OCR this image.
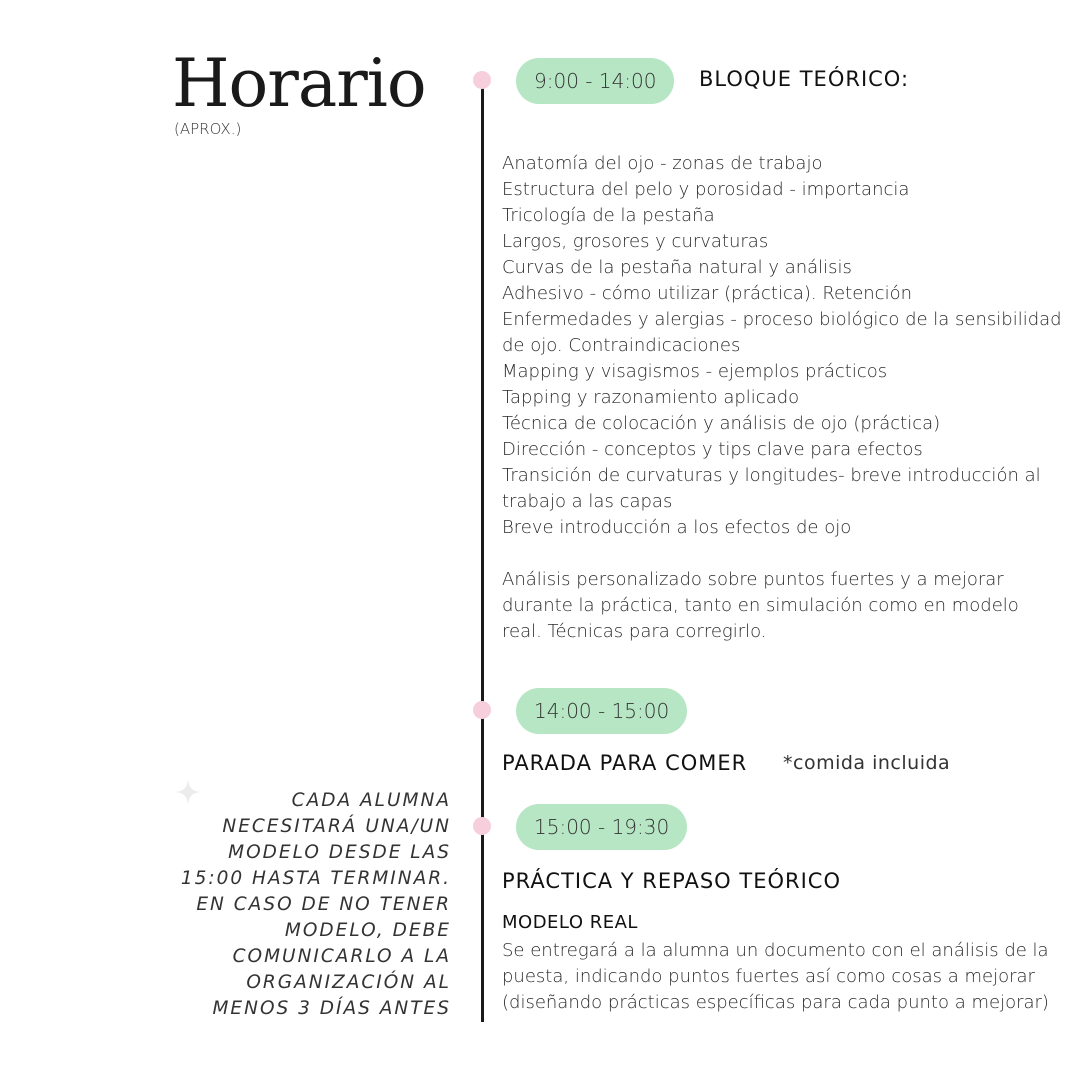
Horario
(APROX.)
9:00 - 14:00	BLOQUE TEÓRICO:
Anatomía del ojo - zonas de trabajo
Estructura del pelo y porosidad - importancia
Tricología de la pestaña
Largos, grosores y curvaturas
Curvas de la pestaña natural y análisis
Adhesivo - cómo utilizar (práctica). Retención
Enfermedades y alergias - proceso biológico de la sensibilidad de ojo. Contraindicaciones
Mapping y visagismos - ejemplos prácticos
Tapping y razonamiento aplicado
Técnica de colocación y análisis de ojo (práctica)
Dirección - conceptos y tips clave para efectos
Transición de curvaturas y longitudes- breve introducción al trabajo a las capas
Breve introducción a los efectos de ojo

Análisis personalizado sobre puntos fuertes y a mejorar durante la práctica, tanto en simulación como en modelo real. Técnicas para corregirlo.

14:00 - 15:00
PARADA PARA COMER *comida incluida
15:00 - 19:30
PRÁCTICA Y REPASO TEÓRICO
MODELO REAL

Se entregará a la alumna un documento con el análisis de la puesta, indicando puntos fuertes así como cosas a mejorar (diseñando prácticas específicas para cada punto a mejorar)

CADA ALUMNA NECESITARÁ UNA/UN MODELO DESDE LAS 15:00 HASTA TERMINAR. EN CASO DE NO TENER MODELO, DEBE COMUNICARLO A LA ORGANIZACIÓN AL MENOS 3 DÍAS ANTES
